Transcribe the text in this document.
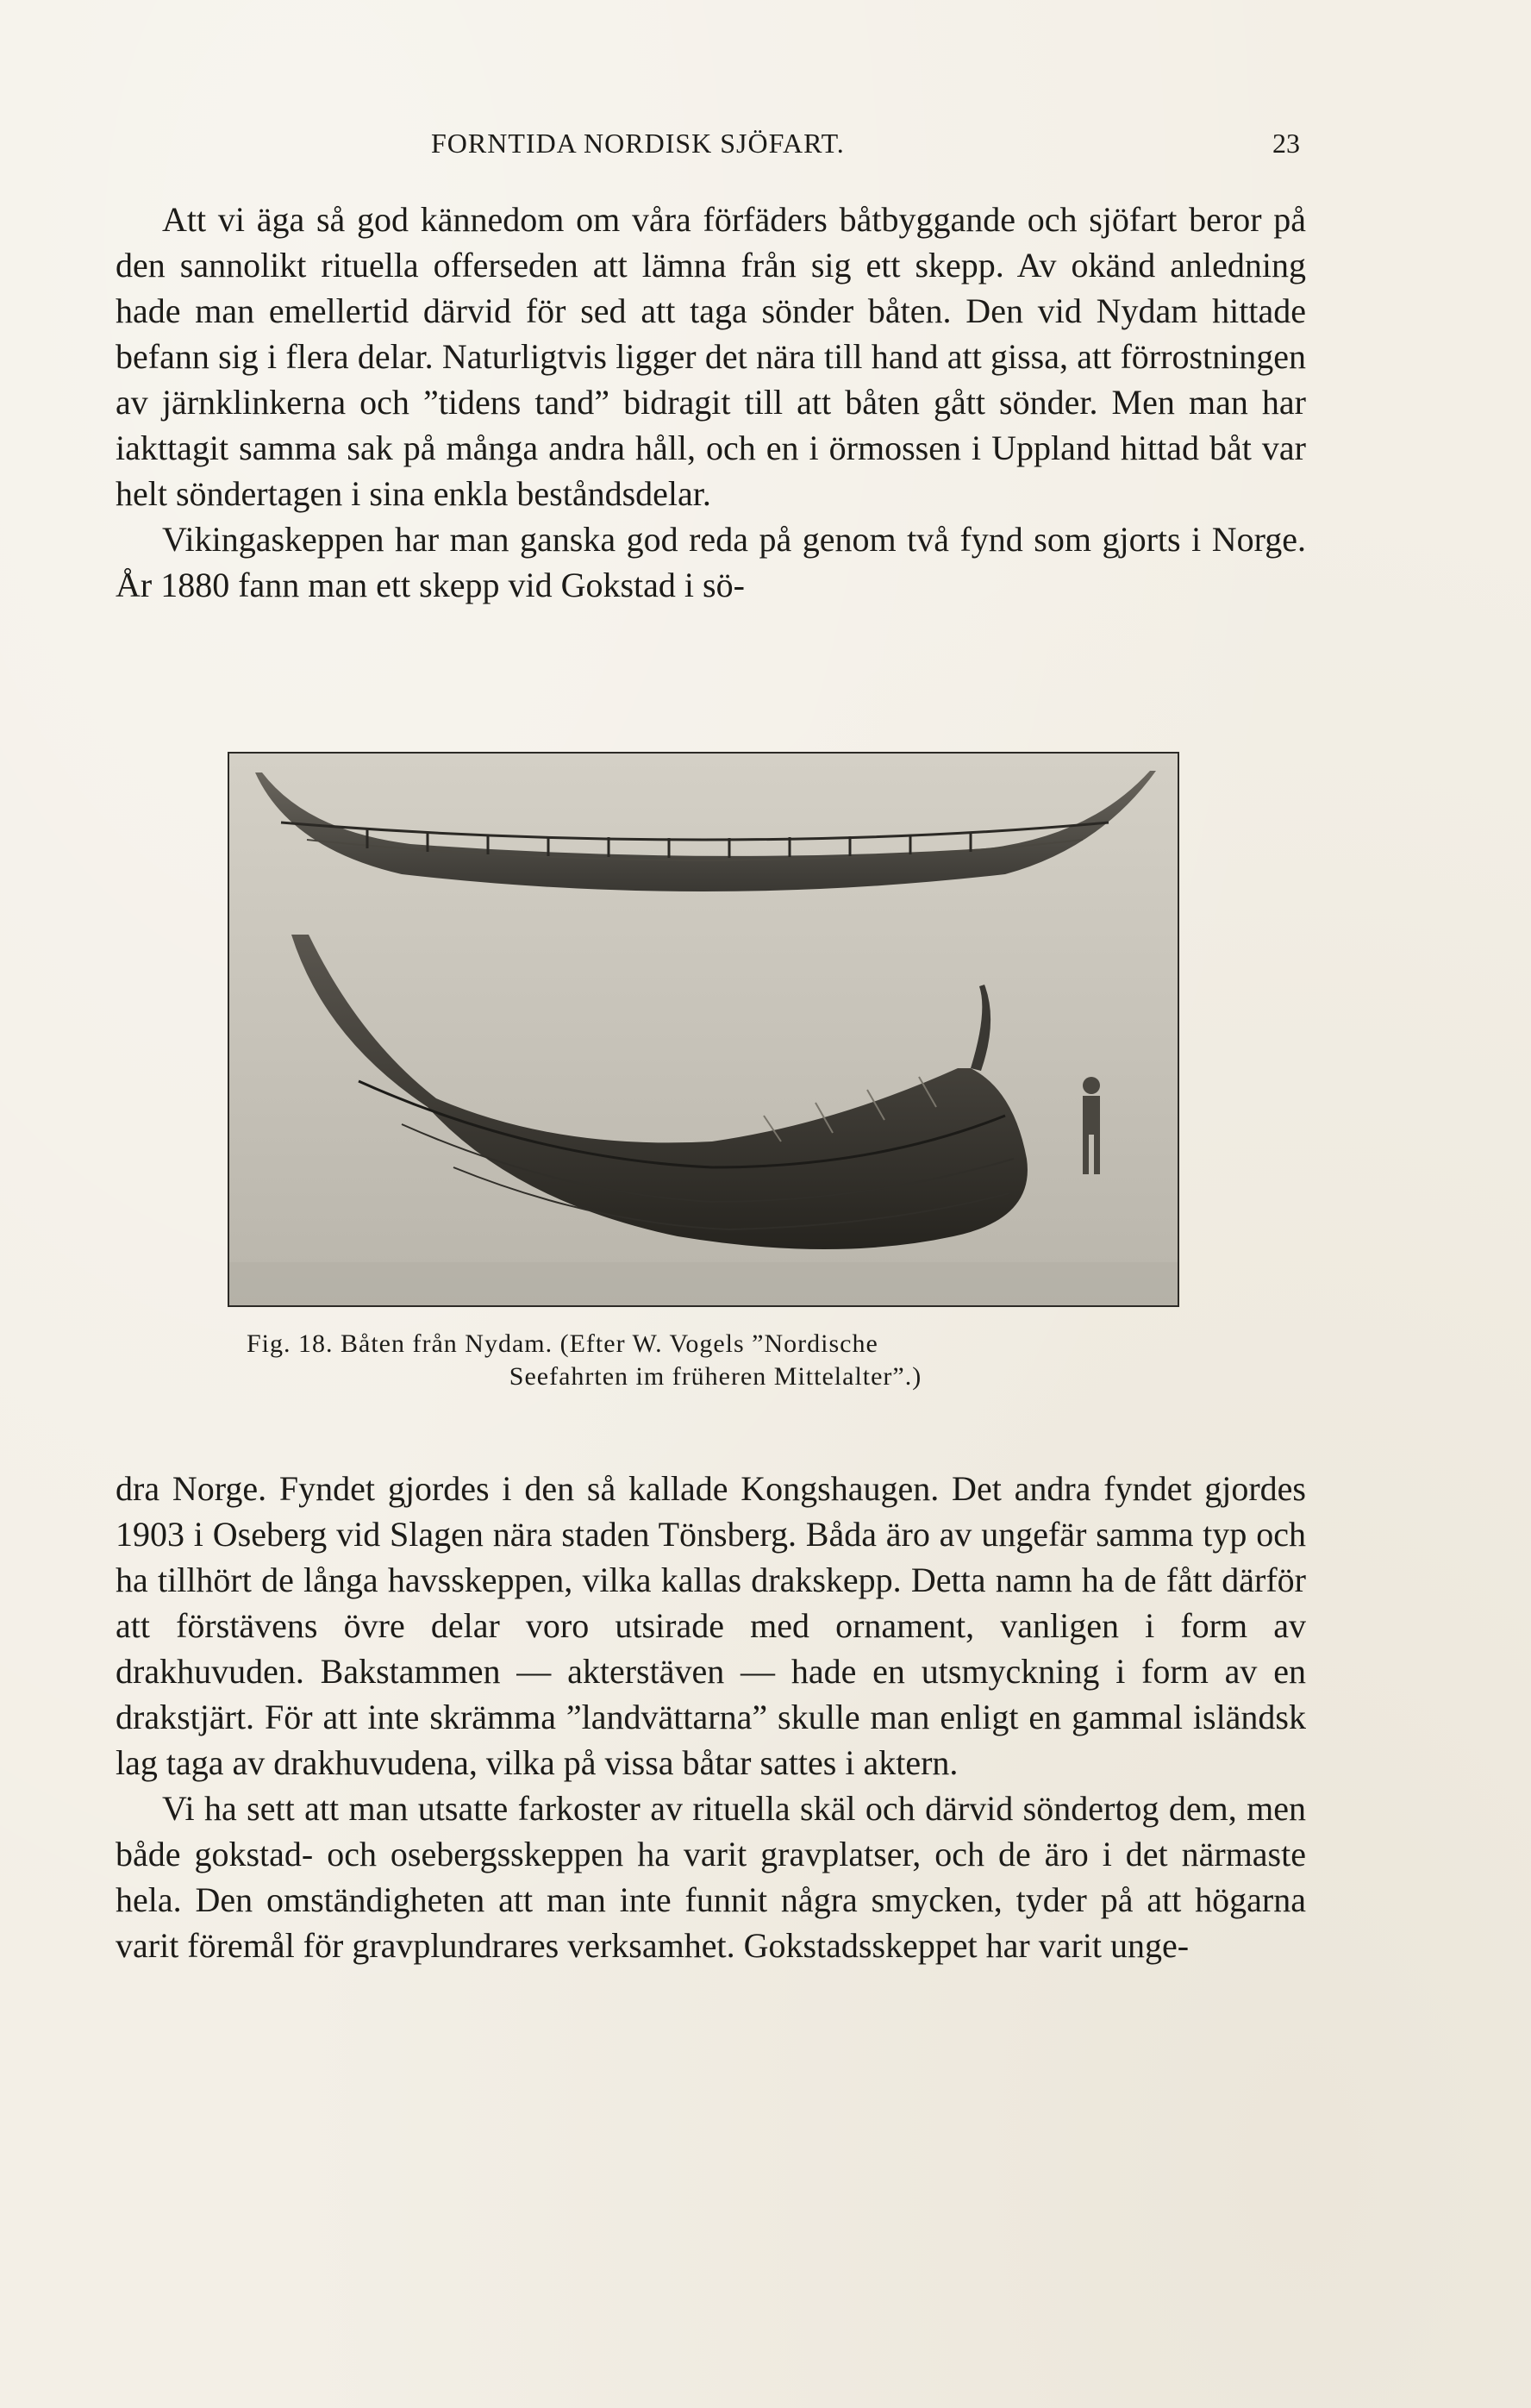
FORNTIDA NORDISK SJÖFART.	23

Att vi äga så god kännedom om våra förfäders båtbyggande och sjöfart beror på den sannolikt rituella offerseden att lämna från sig ett skepp. Av okänd anledning hade man emellertid därvid för sed att taga sönder båten. Den vid Nydam hittade befann sig i flera delar. Naturligtvis ligger det nära till hand att gissa, att förrostningen av järnklinkerna och ”tidens tand” bidragit till att båten gått sönder. Men man har iakttagit samma sak på många andra håll, och en i örmossen i Uppland hittad båt var helt söndertagen i sina enkla beståndsdelar.

Vikingaskeppen har man ganska god reda på genom två fynd som gjorts i Norge. År 1880 fann man ett skepp vid Gokstad i sö-

Fig. 18. Båten från Nydam. (Efter W. Vogels ”Nordische
Seefahrten im früheren Mittelalter”.)

dra Norge. Fyndet gjordes i den så kallade Kongshaugen. Det andra fyndet gjordes 1903 i Oseberg vid Slagen nära staden Tönsberg. Båda äro av ungefär samma typ och ha tillhört de långa havsskeppen, vilka kallas drakskepp. Detta namn ha de fått därför att förstävens övre delar voro utsirade med ornament, vanligen i form av drakhuvuden. Bakstammen — akterstäven — hade en utsmyckning i form av en drakstjärt. För att inte skrämma ”landvättarna” skulle man enligt en gammal isländsk lag taga av drakhuvudena, vilka på vissa båtar sattes i aktern.

Vi ha sett att man utsatte farkoster av rituella skäl och därvid söndertog dem, men både gokstad- och osebergsskeppen ha varit gravplatser, och de äro i det närmaste hela. Den omständigheten att man inte funnit några smycken, tyder på att högarna varit föremål för gravplundrares verksamhet. Gokstadsskeppet har varit unge-
